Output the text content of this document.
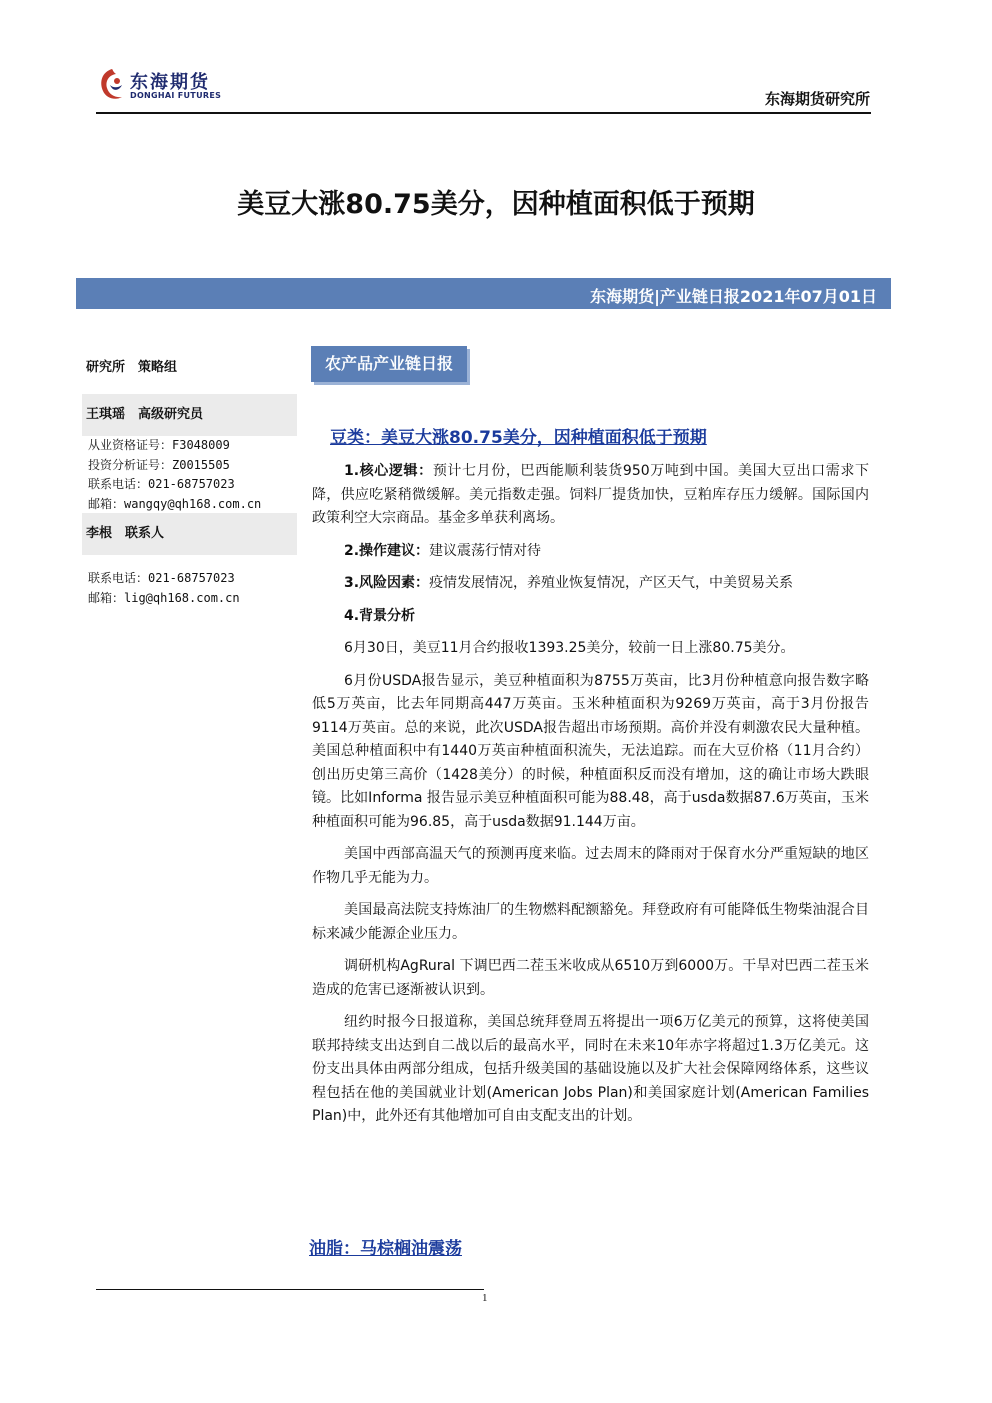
东海期货
DONGHAI FUTURES	东海期货研究所
美豆大涨80.75美分，因种植面积低于预期
东海期货|产业链日报2021年07月01日
研究所　策略组
王琪瑶　高级研究员
从业资格证号：F3048009
投资分析证号：Z0015505
联系电话：021-68757023
邮箱：wangqy@qh168.com.cn
李根　联系人
联系电话：021-68757023
邮箱：lig@qh168.com.cn
农产品产业链日报
豆类：美豆大涨80.75美分，因种植面积低于预期

1.核心逻辑：预计七月份，巴西能顺利装货950万吨到中国。美国大豆出口需求下降，供应吃紧稍微缓解。美元指数走强。饲料厂提货加快，豆粕库存压力缓解。国际国内政策利空大宗商品。基金多单获利离场。

2.操作建议：建议震荡行情对待

3.风险因素：疫情发展情况，养殖业恢复情况，产区天气，中美贸易关系

4.背景分析

6月30日，美豆11月合约报收1393.25美分，较前一日上涨80.75美分。

6月份USDA报告显示，美豆种植面积为8755万英亩，比3月份种植意向报告数字略低5万英亩，比去年同期高447万英亩。玉米种植面积为9269万英亩，高于3月份报告9114万英亩。总的来说，此次USDA报告超出市场预期。高价并没有刺激农民大量种植。美国总种植面积中有1440万英亩种植面积流失，无法追踪。而在大豆价格（11月合约）创出历史第三高价（1428美分）的时候，种植面积反而没有增加，这的确让市场大跌眼镜。比如Informa 报告显示美豆种植面积可能为88.48，高于usda数据87.6万英亩，玉米种植面积可能为96.85，高于usda数据91.144万亩。

美国中西部高温天气的预测再度来临。过去周末的降雨对于保育水分严重短缺的地区作物几乎无能为力。

美国最高法院支持炼油厂的生物燃料配额豁免。拜登政府有可能降低生物柴油混合目标来减少能源企业压力。

调研机构AgRural 下调巴西二茬玉米收成从6510万到6000万。干旱对巴西二茬玉米造成的危害已逐渐被认识到。

纽约时报今日报道称，美国总统拜登周五将提出一项6万亿美元的预算，这将使美国联邦持续支出达到自二战以后的最高水平，同时在未来10年赤字将超过1.3万亿美元。这份支出具体由两部分组成，包括升级美国的基础设施以及扩大社会保障网络体系，这些议程包括在他的美国就业计划(American Jobs Plan)和美国家庭计划(American Families Plan)中，此外还有其他增加可自由支配支出的计划。

油脂：马棕榈油震荡
1
